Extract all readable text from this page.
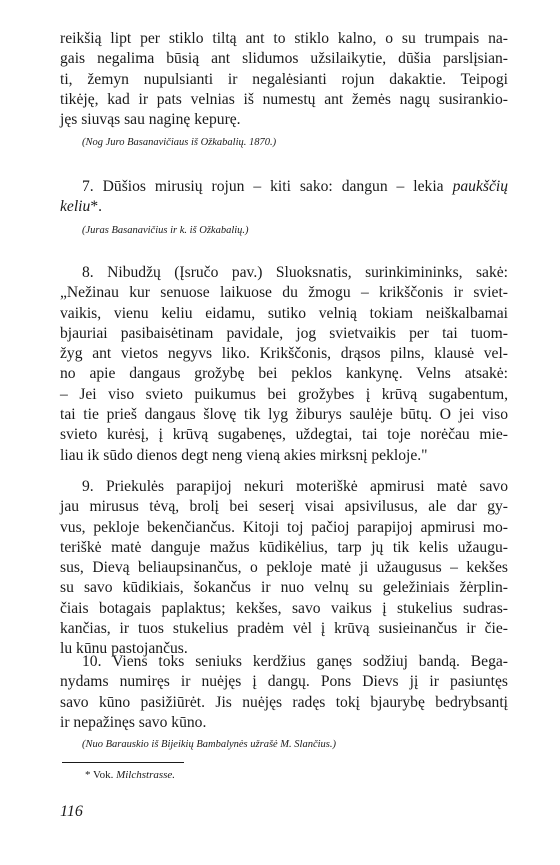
reikšią lipt per stiklo tiltą ant to stiklo kalno, o su trumpais na-
gais negalima būsią ant slidumos užsilaikytie, dūšia parslįsian-
ti, žemyn nupulsianti ir negalėsianti rojun dakaktie. Teipogi
tikėję, kad ir pats velnias iš numestų ant žemės nagų susirankio-
jęs siuvąs sau naginę kepurę.
(Nog Juro Basanavičiaus iš Ožkabalių. 1870.)
7. Dūšios mirusių rojun – kiti sako: dangun – lekia paukščių
keliu*.
(Juras Basanavičius ir k. iš Ožkabalių.)
8. Nibudžų (Įsručo pav.) Sluoksnatis, surinkimininks, sakė:
„Nežinau kur senuose laikuose du žmogu – krikščonis ir sviet-
vaikis, vienu keliu eidamu, sutiko velnią tokiam neiškalbamai
bjauriai pasibaisėtinam pavidale, jog svietvaikis per tai tuom-
žyg ant vietos negyvs liko. Krikščonis, drąsos pilns, klausė vel-
no apie dangaus grožybę bei peklos kankynę. Velns atsakė:
– Jei viso svieto puikumus bei grožybes į krūvą sugabentum,
tai tie prieš dangaus šlovę tik lyg žiburys saulėje būtų. O jei viso
svieto kurėsį, į krūvą sugabenęs, uždegtai, tai toje norėčau mie-
liau ik sūdo dienos degt neng vieną akies mirksnį pekloje."
9. Priekulės parapijoj nekuri moteriškė apmirusi matė savo
jau mirusus tėvą, brolį bei seserį visai apsivilusus, ale dar gy-
vus, pekloje bekenčiančus. Kitoji toj pačioj parapijoj apmirusi mo-
teriškė matė danguje mažus kūdikėlius, tarp jų tik kelis užaugu-
sus, Dievą beliaupsinančus, o pekloje matė ji užaugusus – kekšes
su savo kūdikiais, šokančus ir nuo velnų su geležiniais žėrplin-
čiais botagais paplaktus; kekšes, savo vaikus į stukelius sudras-
kančias, ir tuos stukelius pradėm vėl į krūvą susieinančus ir čie-
lu kūnu pastojančus.
10. Viens toks seniuks kerdžius ganęs sodžiuj bandą. Bega-
nydams numiręs ir nuėjęs į dangų. Pons Dievs jį ir pasiuntęs
savo kūno pasižiūrėt. Jis nuėjęs radęs tokį bjaurybę bedrybsantį
ir nepažinęs savo kūno.
(Nuo Barauskio iš Bijeikių Bambalynės užrašė M. Slančius.)
* Vok. Milchstrasse.
116
